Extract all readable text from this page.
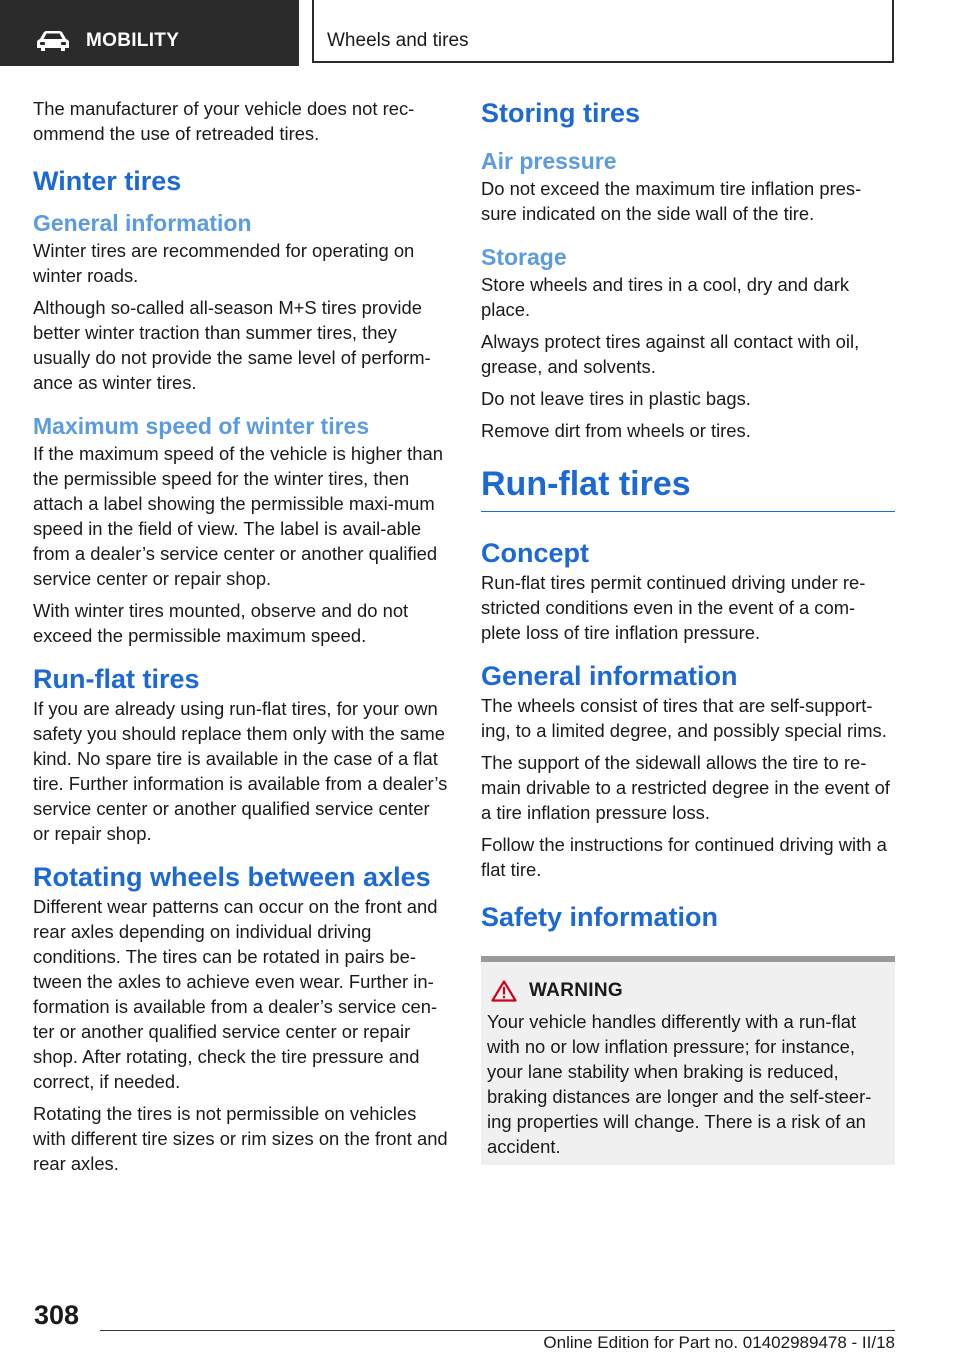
MOBILITY	Wheels and tires

The manufacturer of your vehicle does not rec‐ommend the use of retreaded tires.

Winter tires
General information

Winter tires are recommended for operating on winter roads.

Although so-called all-season M+S tires provide better winter traction than summer tires, they usually do not provide the same level of perform‐ance as winter tires.

Maximum speed of winter tires

If the maximum speed of the vehicle is higher than the permissible speed for the winter tires, then attach a label showing the permissible maxi‐mum speed in the field of view. The label is avail‐able from a dealer’s service center or another qualified service center or repair shop.

With winter tires mounted, observe and do not exceed the permissible maximum speed.

Run-flat tires

If you are already using run-flat tires, for your own safety you should replace them only with the same kind. No spare tire is available in the case of a flat tire. Further information is available from a dealer’s service center or another qualified service center or repair shop.

Rotating wheels between axles

Different wear patterns can occur on the front and rear axles depending on individual driving conditions. The tires can be rotated in pairs be‐tween the axles to achieve even wear. Further in‐formation is available from a dealer’s service cen‐ter or another qualified service center or repair shop. After rotating, check the tire pressure and correct, if needed.

Rotating the tires is not permissible on vehicles with different tire sizes or rim sizes on the front and rear axles.

Storing tires
Air pressure

Do not exceed the maximum tire inflation pres‐sure indicated on the side wall of the tire.

Storage

Store wheels and tires in a cool, dry and dark place.

Always protect tires against all contact with oil, grease, and solvents.

Do not leave tires in plastic bags.

Remove dirt from wheels or tires.

Run-flat tires
Concept

Run-flat tires permit continued driving under re‐stricted conditions even in the event of a com‐plete loss of tire inflation pressure.

General information

The wheels consist of tires that are self-support‐ing, to a limited degree, and possibly special rims.

The support of the sidewall allows the tire to re‐main drivable to a restricted degree in the event of a tire inflation pressure loss.

Follow the instructions for continued driving with a flat tire.

Safety information
WARNING

Your vehicle handles differently with a run-flat with no or low inflation pressure; for instance, your lane stability when braking is reduced, braking distances are longer and the self-steer‐ing properties will change. There is a risk of an accident.

308
Online Edition for Part no. 01402989478 - II/18
